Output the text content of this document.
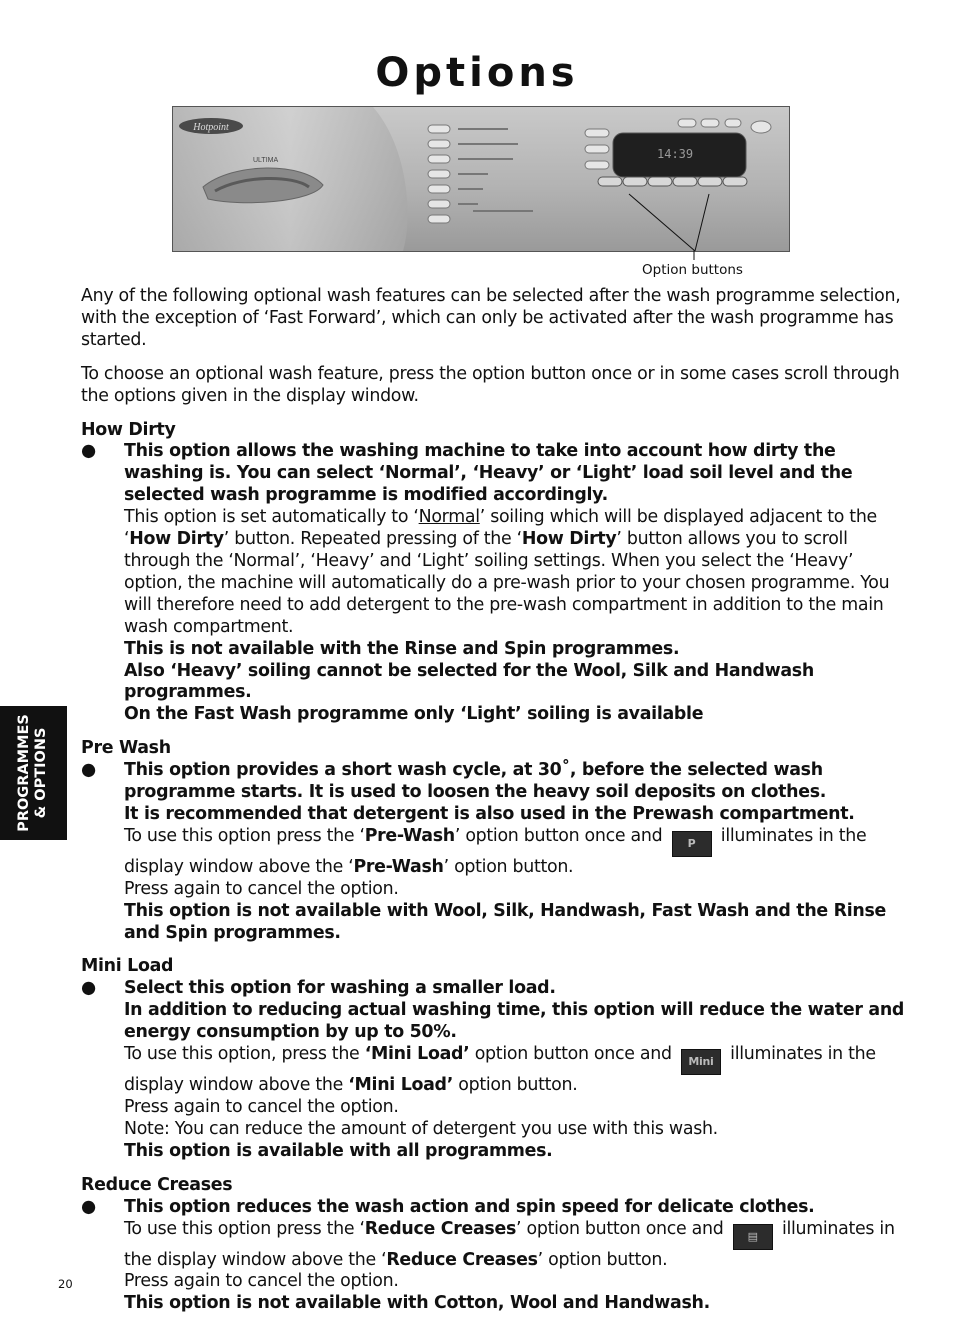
Options
Hotpoint
ULTIMA	14:39
Option buttons

Any of the following optional wash features can be selected after the wash programme selection, with the exception of ‘Fast Forward’, which can only be activated after the wash programme has started.

To choose an optional wash feature, press the option button once or in some cases scroll through the options given in the display window.

How Dirty
● This option allows the washing machine to take into account how dirty the washing is. You can select ‘Normal’, ‘Heavy’ or ‘Light’ load soil level and the selected wash programme is modified accordingly.
This option is set automatically to ‘Normal’ soiling which will be displayed adjacent to the ‘How Dirty’ button. Repeated pressing of the ‘How Dirty’ button allows you to scroll through the ‘Normal’, ‘Heavy’ and ‘Light’ soiling settings. When you select the ‘Heavy’ option, the machine will automatically do a pre-wash prior to your chosen programme. You will therefore need to add detergent to the pre-wash compartment in addition to the main wash compartment.
This is not available with the Rinse and Spin programmes.
Also ‘Heavy’ soiling cannot be selected for the Wool, Silk and Handwash programmes.
On the Fast Wash programme only ‘Light’ soiling is available
Pre Wash
● This option provides a short wash cycle, at 30˚, before the selected wash programme starts. It is used to loosen the heavy soil deposits on clothes.
It is recommended that detergent is also used in the Prewash compartment.
To use this option press the ‘Pre-Wash’ option button once and P illuminates in the display window above the ‘Pre-Wash’ option button.
Press again to cancel the option.
This option is not available with Wool, Silk, Handwash, Fast Wash and the Rinse and Spin programmes.
Mini Load
● Select this option for washing a smaller load.
In addition to reducing actual washing time, this option will reduce the water and energy consumption by up to 50%.
To use this option, press the ‘Mini Load’ option button once and Mini illuminates in the display window above the ‘Mini Load’ option button.
Press again to cancel the option.
Note: You can reduce the amount of detergent you use with this wash.
This option is available with all programmes.
Reduce Creases
● This option reduces the wash action and spin speed for delicate clothes.
To use this option press the ‘Reduce Creases’ option button once and ▤ illuminates in the display window above the ‘Reduce Creases’ option button.
Press again to cancel the option.
This option is not available with Cotton, Wool and Handwash.
PROGRAMMES & OPTIONS
20
